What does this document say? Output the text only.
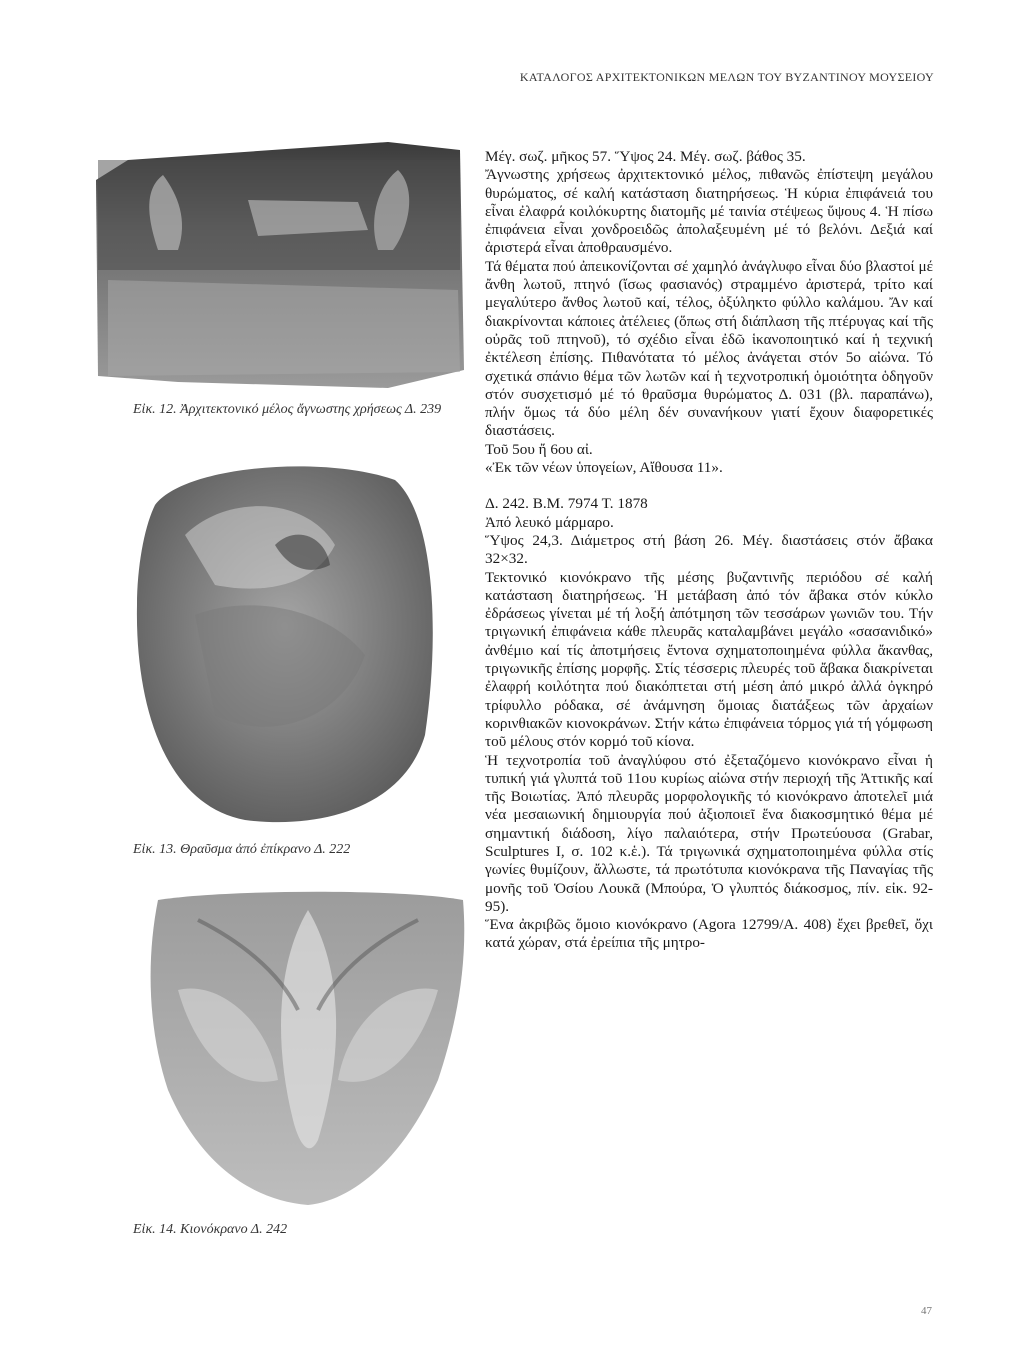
ΚΑΤΑΛΟΓΟΣ ΑΡΧΙΤΕΚΤΟΝΙΚΩΝ ΜΕΛΩΝ ΤΟΥ ΒΥΖΑΝΤΙΝΟΥ ΜΟΥΣΕΙΟΥ
Εἰκ. 12. Ἀρχιτεκτονικό μέλος ἄγνωστης χρήσεως Δ. 239
Εἰκ. 13. Θραῦσμα ἀπό ἐπίκρανο Δ. 222
Εἰκ. 14. Κιονόκρανο Δ. 242

Μέγ. σωζ. μῆκος 57. Ὕψος 24. Μέγ. σωζ. βάθος 35.

Ἄγνωστης χρήσεως ἀρχιτεκτονικό μέλος, πιθανῶς ἐπίστεψη μεγάλου θυρώματος, σέ καλή κατάσταση διατηρήσεως. Ἡ κύρια ἐπιφάνειά του εἶναι ἐλαφρά κοιλόκυρτης διατομῆς μέ ταινία στέψεως ὕψους 4. Ἡ πίσω ἐπιφάνεια εἶναι χονδροειδῶς ἀπολαξευμένη μέ τό βελόνι. Δεξιά καί ἀριστερά εἶναι ἀποθραυσμένο.

Τά θέματα πού ἀπεικονίζονται σέ χαμηλό ἀνάγλυφο εἶναι δύο βλαστοί μέ ἄνθη λωτοῦ, πτηνό (ἴσως φασιανός) στραμμένο ἀριστερά, τρίτο καί μεγαλύτερο ἄνθος λωτοῦ καί, τέλος, ὀξύληκτο φύλλο καλάμου. Ἄν καί διακρίνονται κάποιες ἀτέλειες (ὅπως στή διάπλαση τῆς πτέρυγας καί τῆς οὐρᾶς τοῦ πτηνοῦ), τό σχέδιο εἶναι ἐδῶ ἱκανοποιητικό καί ἡ τεχνική ἐκτέλεση ἐπίσης. Πιθανότατα τό μέλος ἀνάγεται στόν 5ο αἰώνα. Τό σχετικά σπάνιο θέμα τῶν λωτῶν καί ἡ τεχνοτροπική ὁμοιότητα ὁδηγοῦν στόν συσχετισμό μέ τό θραῦσμα θυρώματος Δ. 031 (βλ. παραπάνω), πλήν ὅμως τά δύο μέλη δέν συνανήκουν γιατί ἔχουν διαφορετικές διαστάσεις.

Τοῦ 5ου ἤ 6ου αἰ.

«Ἐκ τῶν νέων ὑπογείων, Αἴθουσα 11».

Δ. 242. Β.Μ. 7974 Τ. 1878

Ἀπό λευκό μάρμαρο.

Ὕψος 24,3. Διάμετρος στή βάση 26. Μέγ. διαστάσεις στόν ἄβακα 32×32.

Τεκτονικό κιονόκρανο τῆς μέσης βυζαντινῆς περιόδου σέ καλή κατάσταση διατηρήσεως. Ἡ μετάβαση ἀπό τόν ἄβακα στόν κύκλο ἐδράσεως γίνεται μέ τή λοξή ἀπότμηση τῶν τεσσάρων γωνιῶν του. Τήν τριγωνική ἐπιφάνεια κάθε πλευρᾶς καταλαμβάνει μεγάλο «σασανιδικό» ἀνθέμιο καί τίς ἀποτμήσεις ἔντονα σχηματοποιημένα φύλλα ἄκανθας, τριγωνικῆς ἐπίσης μορφῆς. Στίς τέσσερις πλευρές τοῦ ἄβακα διακρίνεται ἐλαφρή κοιλότητα πού διακόπτεται στή μέση ἀπό μικρό ἀλλά ὀγκηρό τρίφυλλο ρόδακα, σέ ἀνάμνηση ὅμοιας διατάξεως τῶν ἀρχαίων κορινθιακῶν κιονοκράνων. Στήν κάτω ἐπιφάνεια τόρμος γιά τή γόμφωση τοῦ μέλους στόν κορμό τοῦ κίονα.

Ἡ τεχνοτροπία τοῦ ἀναγλύφου στό ἐξεταζόμενο κιονόκρανο εἶναι ἡ τυπική γιά γλυπτά τοῦ 11ου κυρίως αἰώνα στήν περιοχή τῆς Ἀττικῆς καί τῆς Βοιωτίας. Ἀπό πλευρᾶς μορφολογικῆς τό κιονόκρανο ἀποτελεῖ μιά νέα μεσαιωνική δημιουργία πού ἀξιοποιεῖ ἕνα διακοσμητικό θέμα μέ σημαντική διάδοση, λίγο παλαιότερα, στήν Πρωτεύουσα (Grabar, Sculptures I, σ. 102 κ.ἑ.). Τά τριγωνικά σχηματοποιημένα φύλλα στίς γωνίες θυμίζουν, ἄλλωστε, τά πρωτότυπα κιονόκρανα τῆς Παναγίας τῆς μονῆς τοῦ Ὁσίου Λουκᾶ (Μπούρα, Ὁ γλυπτός διάκοσμος, πίν. εἰκ. 92-95).

Ἕνα ἀκριβῶς ὅμοιο κιονόκρανο (Agora 12799/A. 408) ἔχει βρεθεῖ, ὄχι κατά χώραν, στά ἐρείπια τῆς μητρο-

47
